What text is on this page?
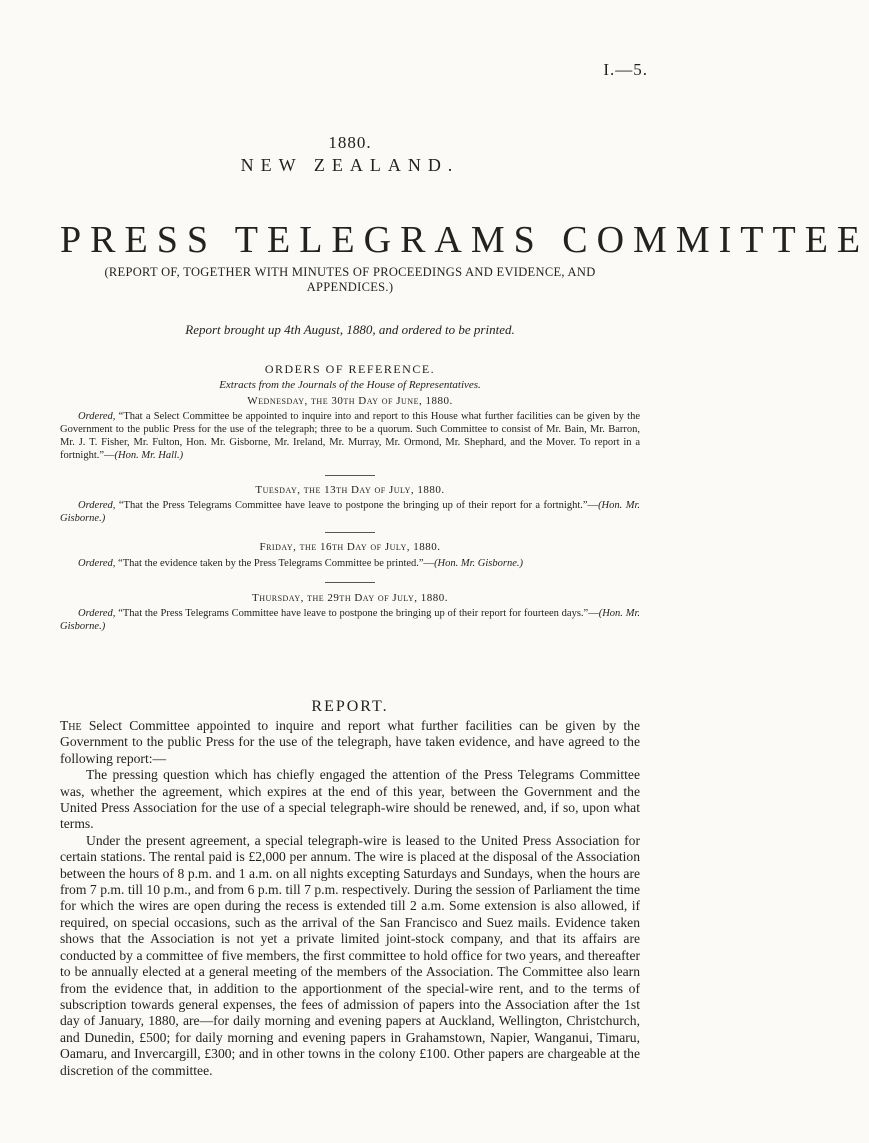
I.—5.
1880.
NEW ZEALAND.
PRESS TELEGRAMS COMMITTEE
(REPORT OF, TOGETHER WITH MINUTES OF PROCEEDINGS AND EVIDENCE, AND APPENDICES.)
Report brought up 4th August, 1880, and ordered to be printed.
ORDERS OF REFERENCE.
Extracts from the Journals of the House of Representatives.
Wednesday, the 30th Day of June, 1880.
Ordered, “That a Select Committee be appointed to inquire into and report to this House what further facilities can be given by the Government to the public Press for the use of the telegraph; three to be a quorum. Such Committee to consist of Mr. Bain, Mr. Barron, Mr. J. T. Fisher, Mr. Fulton, Hon. Mr. Gisborne, Mr. Ireland, Mr. Murray, Mr. Ormond, Mr. Shephard, and the Mover. To report in a fortnight.”—(Hon. Mr. Hall.)
Tuesday, the 13th Day of July, 1880.
Ordered, “That the Press Telegrams Committee have leave to postpone the bringing up of their report for a fortnight.”—(Hon. Mr. Gisborne.)
Friday, the 16th Day of July, 1880.
Ordered, “That the evidence taken by the Press Telegrams Committee be printed.”—(Hon. Mr. Gisborne.)
Thursday, the 29th Day of July, 1880.
Ordered, “That the Press Telegrams Committee have leave to postpone the bringing up of their report for fourteen days.”—(Hon. Mr. Gisborne.)
REPORT.

The Select Committee appointed to inquire and report what further facilities can be given by the Government to the public Press for the use of the telegraph, have taken evidence, and have agreed to the following report:—

The pressing question which has chiefly engaged the attention of the Press Telegrams Committee was, whether the agreement, which expires at the end of this year, between the Government and the United Press Association for the use of a special telegraph-wire should be renewed, and, if so, upon what terms.

Under the present agreement, a special telegraph-wire is leased to the United Press Association for certain stations. The rental paid is £2,000 per annum. The wire is placed at the disposal of the Association between the hours of 8 p.m. and 1 a.m. on all nights excepting Saturdays and Sundays, when the hours are from 7 p.m. till 10 p.m., and from 6 p.m. till 7 p.m. respectively. During the session of Parliament the time for which the wires are open during the recess is extended till 2 a.m. Some extension is also allowed, if required, on special occasions, such as the arrival of the San Francisco and Suez mails. Evidence taken shows that the Association is not yet a private limited joint-stock company, and that its affairs are conducted by a committee of five members, the first committee to hold office for two years, and thereafter to be annually elected at a general meeting of the members of the Association. The Committee also learn from the evidence that, in addition to the apportionment of the special-wire rent, and to the terms of subscription towards general expenses, the fees of admission of papers into the Association after the 1st day of January, 1880, are—for daily morning and evening papers at Auckland, Wellington, Christchurch, and Dunedin, £500; for daily morning and evening papers in Grahamstown, Napier, Wanganui, Timaru, Oamaru, and Invercargill, £300; and in other towns in the colony £100. Other papers are chargeable at the discretion of the committee.
